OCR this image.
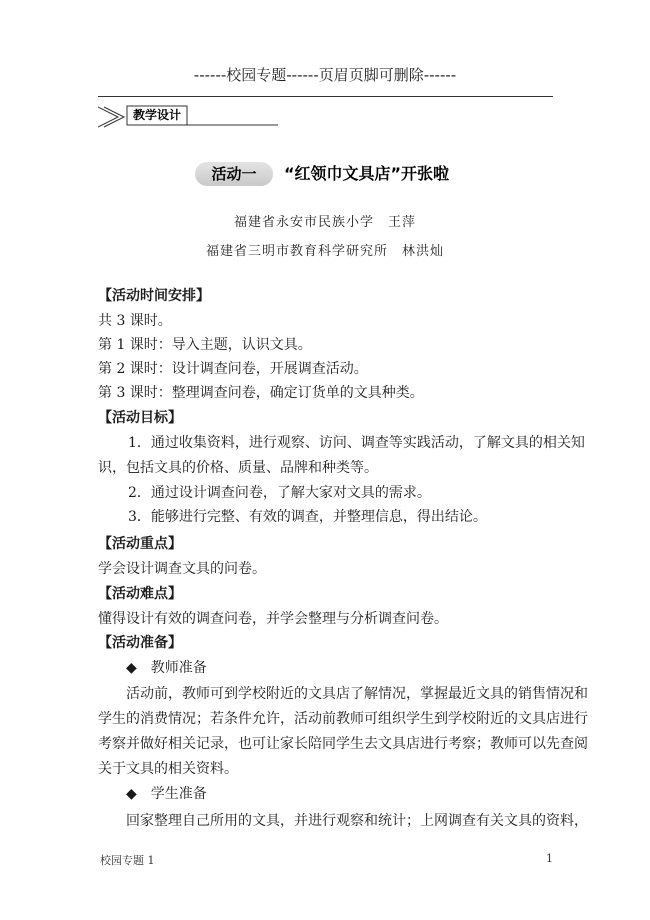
------校园专题------页眉页脚可删除------
教学设计
活动一	“红领巾文具店”开张啦
福建省永安市民族小学　王萍
福建省三明市教育科学研究所　林洪灿
【活动时间安排】
共 3 课时。
第 1 课时：导入主题，认识文具。
第 2 课时：设计调查问卷，开展调查活动。
第 3 课时：整理调查问卷，确定订货单的文具种类。
【活动目标】
1．通过收集资料，进行观察、访问、调查等实践活动，了解文具的相关知
识，包括文具的价格、质量、品牌和种类等。
2．通过设计调查问卷，了解大家对文具的需求。
3．能够进行完整、有效的调查，并整理信息，得出结论。
【活动重点】
学会设计调查文具的问卷。
【活动难点】
懂得设计有效的调查问卷，并学会整理与分析调查问卷。
【活动准备】
◆　教师准备
活动前，教师可到学校附近的文具店了解情况，掌握最近文具的销售情况和
学生的消费情况；若条件允许，活动前教师可组织学生到学校附近的文具店进行
考察并做好相关记录，也可让家长陪同学生去文具店进行考察；教师可以先查阅
关于文具的相关资料。
◆　学生准备
回家整理自己所用的文具，并进行观察和统计；上网调查有关文具的资料，
校园专题 1	1
